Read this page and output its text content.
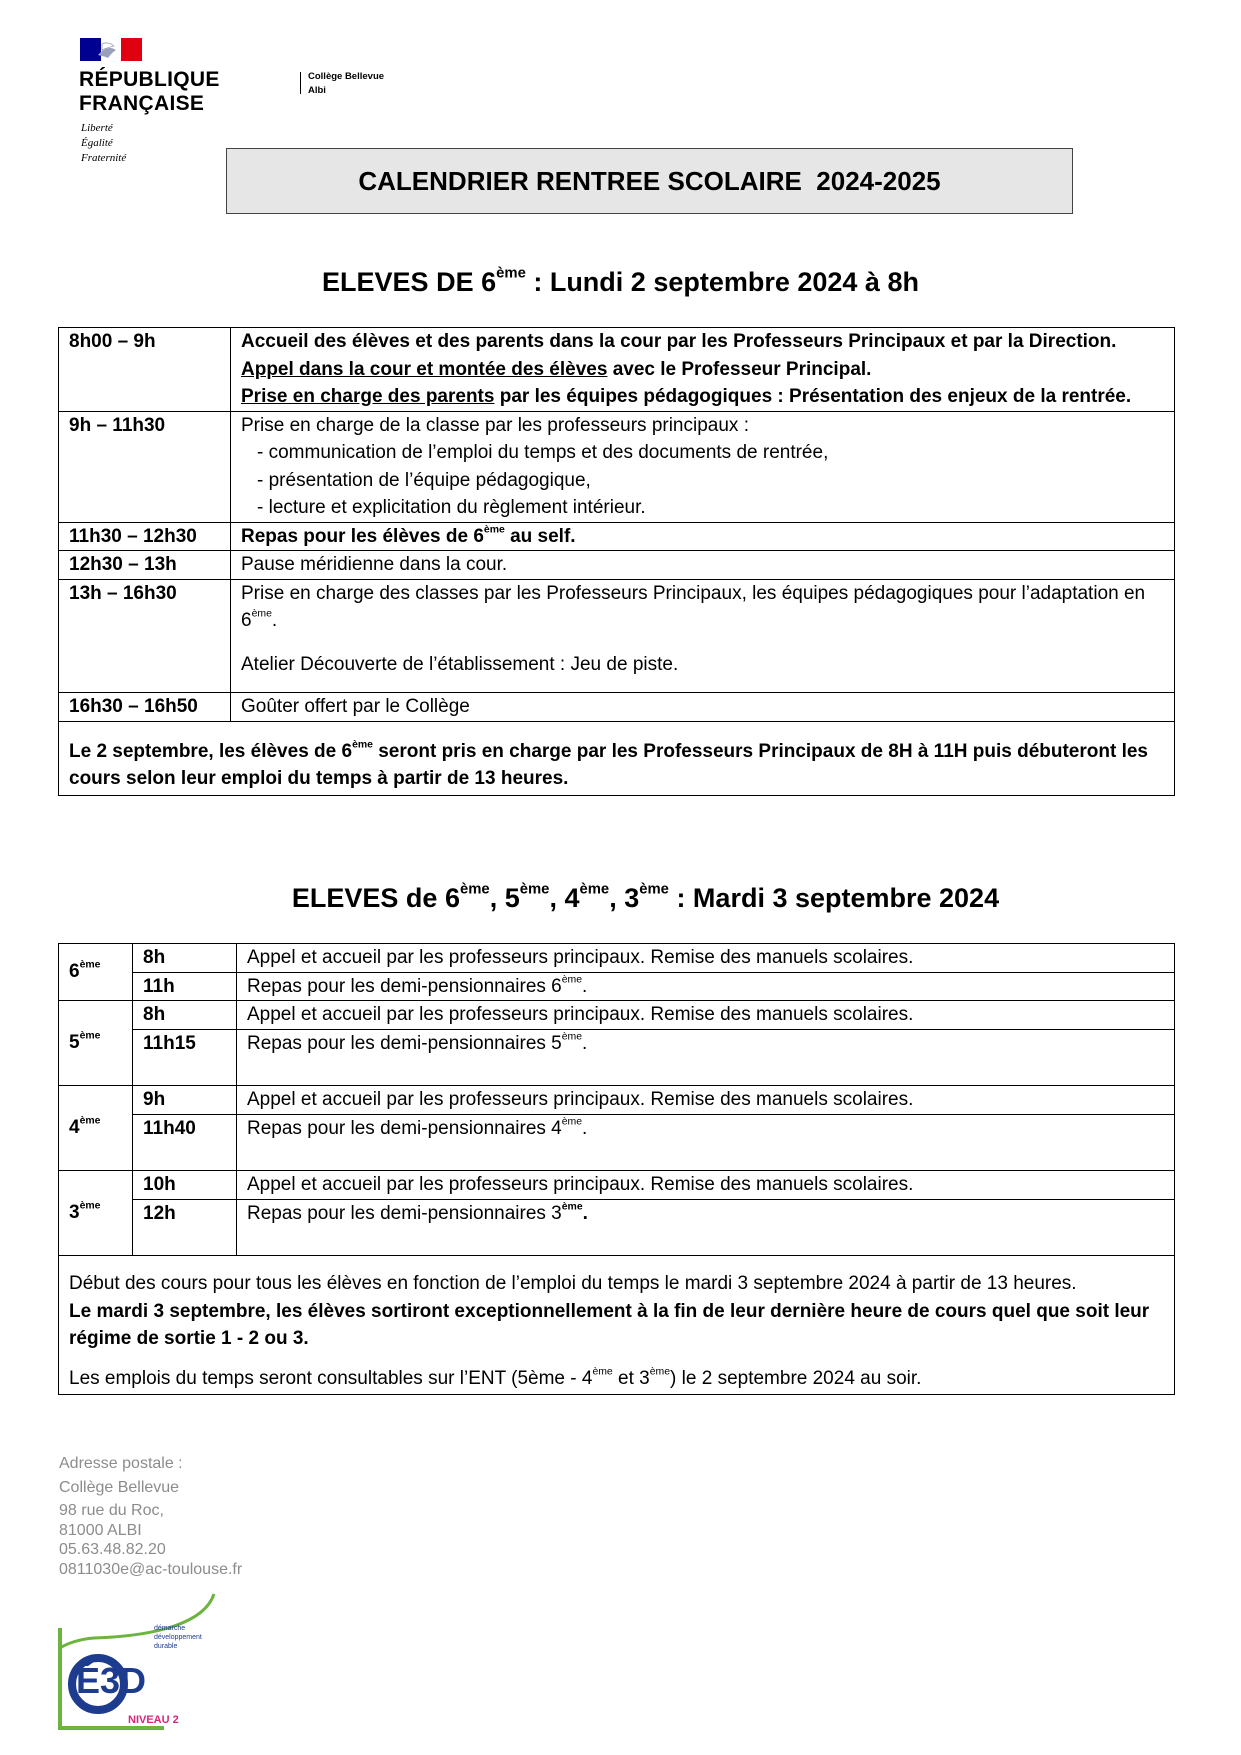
RÉPUBLIQUE
FRANÇAISE
Liberté
Égalité
Fraternité
Collège Bellevue
Albi
CALENDRIER RENTREE SCOLAIRE  2024-2025
ELEVES DE 6ème : Lundi 2 septembre 2024 à 8h
8h00 – 9h	Accueil des élèves et des parents dans la cour par les Professeurs Principaux et par la Direction.
Appel dans la cour et montée des élèves avec le Professeur Principal.
Prise en charge des parents par les équipes pédagogiques : Présentation des enjeux de la rentrée.

9h – 11h30	Prise en charge de la classe par les professeurs principaux :
- communication de l’emploi du temps et des documents de rentrée,
- présentation de l’équipe pédagogique,
- lecture et explicitation du règlement intérieur.

11h30 – 12h30	Repas pour les élèves de 6ème au self.
12h30 – 13h	Pause méridienne dans la cour.
13h – 16h30	Prise en charge des classes par les Professeurs Principaux, les équipes pédagogiques pour l’adaptation en 6ème.
Atelier Découverte de l’établissement : Jeu de piste.

16h30 – 16h50	Goûter offert par le Collège
Le 2 septembre, les élèves de 6ème seront pris en charge par les Professeurs Principaux de 8H à 11H puis débuteront les cours selon leur emploi du temps à partir de 13 heures.	
ELEVES de 6ème, 5ème, 4ème, 3ème : Mardi 3 septembre 2024
6ème	8h	Appel et accueil par les professeurs principaux. Remise des manuels scolaires.
	11h	Repas pour les demi-pensionnaires 6ème.
5ème	8h	Appel et accueil par les professeurs principaux. Remise des manuels scolaires.
	11h15	Repas pour les demi-pensionnaires 5ème.

4ème	9h	Appel et accueil par les professeurs principaux. Remise des manuels scolaires.
	11h40	Repas pour les demi-pensionnaires 4ème.

3ème	10h	Appel et accueil par les professeurs principaux. Remise des manuels scolaires.
	12h	Repas pour les demi-pensionnaires 3ème.

Début des cours pour tous les élèves en fonction de l’emploi du temps le mardi 3 septembre 2024 à partir de 13 heures.
Le mardi 3 septembre, les élèves sortiront exceptionnellement à la fin de leur dernière heure de cours quel que soit leur régime de sortie 1 - 2 ou 3.
Les emplois du temps seront consultables sur l’ENT (5ème - 4ème et 3ème) le 2 septembre 2024 au soir.		
Adresse postale :
Collège Bellevue
98 rue du Roc,
81000 ALBI
05.63.48.82.20
0811030e@ac-toulouse.fr
É3D
démarche
développement
durable
NIVEAU 2
